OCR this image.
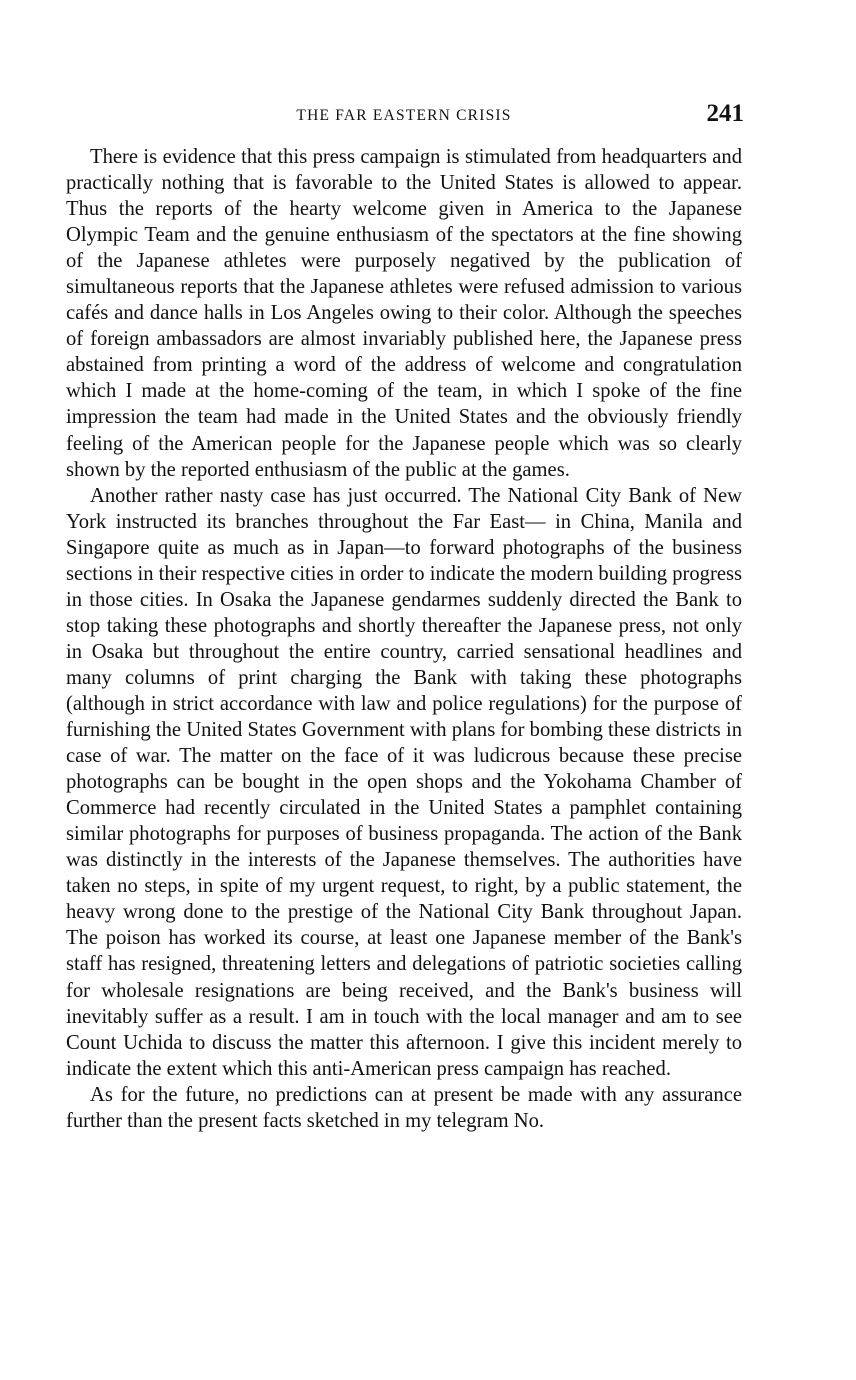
THE FAR EASTERN CRISIS	241

There is evidence that this press campaign is stimulated from headquarters and practically nothing that is favorable to the United States is allowed to appear. Thus the reports of the hearty welcome given in America to the Japanese Olympic Team and the genuine enthusiasm of the spectators at the fine showing of the Japanese athletes were purposely negatived by the publication of simultaneous reports that the Japanese athletes were refused admission to various cafés and dance halls in Los Angeles owing to their color. Although the speeches of foreign ambassadors are almost invariably published here, the Japanese press abstained from printing a word of the address of welcome and congratulation which I made at the home-coming of the team, in which I spoke of the fine impression the team had made in the United States and the obviously friendly feeling of the American people for the Japanese people which was so clearly shown by the reported enthusiasm of the public at the games.

Another rather nasty case has just occurred. The National City Bank of New York instructed its branches throughout the Far East— in China, Manila and Singapore quite as much as in Japan—to forward photographs of the business sections in their respective cities in order to indicate the modern building progress in those cities. In Osaka the Japanese gendarmes suddenly directed the Bank to stop taking these photographs and shortly thereafter the Japanese press, not only in Osaka but throughout the entire country, carried sensational headlines and many columns of print charging the Bank with taking these photographs (although in strict accordance with law and police regulations) for the purpose of furnishing the United States Government with plans for bombing these districts in case of war. The matter on the face of it was ludicrous because these precise photographs can be bought in the open shops and the Yokohama Chamber of Commerce had recently circulated in the United States a pamphlet containing similar photographs for purposes of business propaganda. The action of the Bank was distinctly in the interests of the Japanese themselves. The authorities have taken no steps, in spite of my urgent request, to right, by a public statement, the heavy wrong done to the prestige of the National City Bank throughout Japan. The poison has worked its course, at least one Japanese member of the Bank's staff has resigned, threatening letters and delegations of patriotic societies calling for wholesale resignations are being received, and the Bank's business will inevitably suffer as a result. I am in touch with the local manager and am to see Count Uchida to discuss the matter this afternoon. I give this incident merely to indicate the extent which this anti-American press campaign has reached.

As for the future, no predictions can at present be made with any assurance further than the present facts sketched in my telegram No.
